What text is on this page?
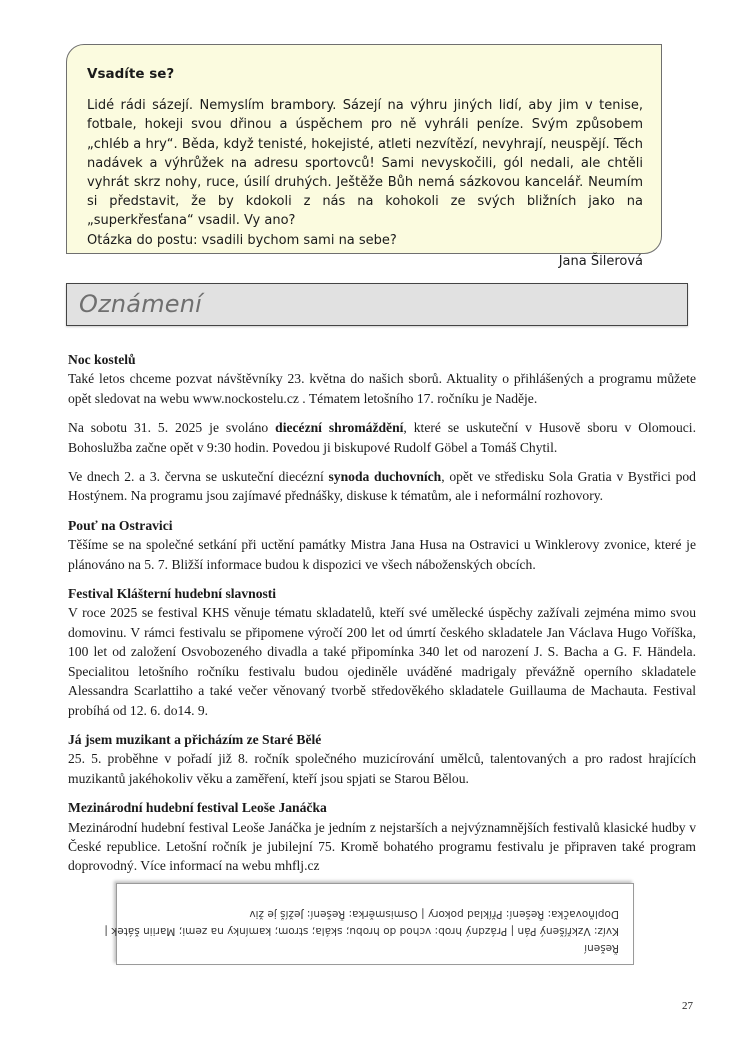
Vsadíte se?

Lidé rádi sázejí. Nemyslím brambory. Sázejí na výhru jiných lidí, aby jim v tenise, fotbale, hokeji svou dřinou a úspěchem pro ně vyhráli peníze. Svým způsobem „chléb a hry“. Běda, když tenisté, hokejisté, atleti nezvítězí, nevyhrají, neuspějí. Těch nadávek a výhrůžek na adresu sportovců! Sami nevyskočili, gól nedali, ale chtěli vyhrát skrz nohy, ruce, úsilí druhých. Ještěže Bůh nemá sázkovou kancelář. Neumím si představit, že by kdokoli z nás na kohokoli ze svých bližních jako na „superkřesťana“ vsadil. Vy ano?

Otázka do postu: vsadili bychom sami na sebe?

Jana Šilerová
Oznámení
Noc kostelů

Také letos chceme pozvat návštěvníky 23. května do našich sborů. Aktuality o přihlášených a programu můžete opět sledovat na webu www.nockostelu.cz . Tématem letošního 17. ročníku je Naděje.

Na sobotu 31. 5. 2025 je svoláno diecézní shromáždění, které se uskuteční v Husově sboru v Olomouci. Bohoslužba začne opět v 9:30 hodin. Povedou ji biskupové Rudolf Göbel a Tomáš Chytil.

Ve dnech 2. a 3. června se uskuteční diecézní synoda duchovních, opět ve středisku Sola Gratia v Bystřici pod Hostýnem. Na programu jsou zajímavé přednášky, diskuse k tématům, ale i neformální rozhovory.

Pouť na Ostravici

Těšíme se na společné setkání při uctění památky Mistra Jana Husa na Ostravici u Winklerovy zvonice, které je plánováno na 5. 7. Bližší informace budou k dispozici ve všech náboženských obcích.

Festival Klášterní hudební slavnosti

V roce 2025 se festival KHS věnuje tématu skladatelů, kteří své umělecké úspěchy zažívali zejména mimo svou domovinu. V rámci festivalu se připomene výročí 200 let od úmrtí českého skladatele Jan Václava Hugo Voříška, 100 let od založení Osvobozeného divadla a také připomínka 340 let od narození J. S. Bacha a G. F. Händela. Specialitou letošního ročníku festivalu budou ojediněle uváděné madrigaly převážně operního skladatele Alessandra Scarlattiho a také večer věnovaný tvorbě středověkého skladatele Guillauma de Machauta. Festival probíhá od 12. 6. do14. 9.

Já jsem muzikant a přicházím ze Staré Bělé

25. 5. proběhne v pořadí již 8. ročník společného muzicírování umělců, talentovaných a pro radost hrajících muzikantů jakéhokoliv věku a zaměření, kteří jsou spjati se Starou Bělou.

Mezinárodní hudební festival Leoše Janáčka

Mezinárodní hudební festival Leoše Janáčka je jedním z nejstarších a nejvýznamnějších festivalů klasické hudby v České republice. Letošní ročník je jubilejní 75. Kromě bohatého programu festivalu je připraven také program doprovodný. Více informací na webu mhflj.cz

Řešení
Kvíz: Vzkříšený Pán | Prázdný hrob: vchod do hrobu; skála; strom; kamínky na zemi; Mariin šátek |
Doplňovačka: Řešení: Příklad pokory | Osmisměrka: Řešení: Ježíš je živ
27
